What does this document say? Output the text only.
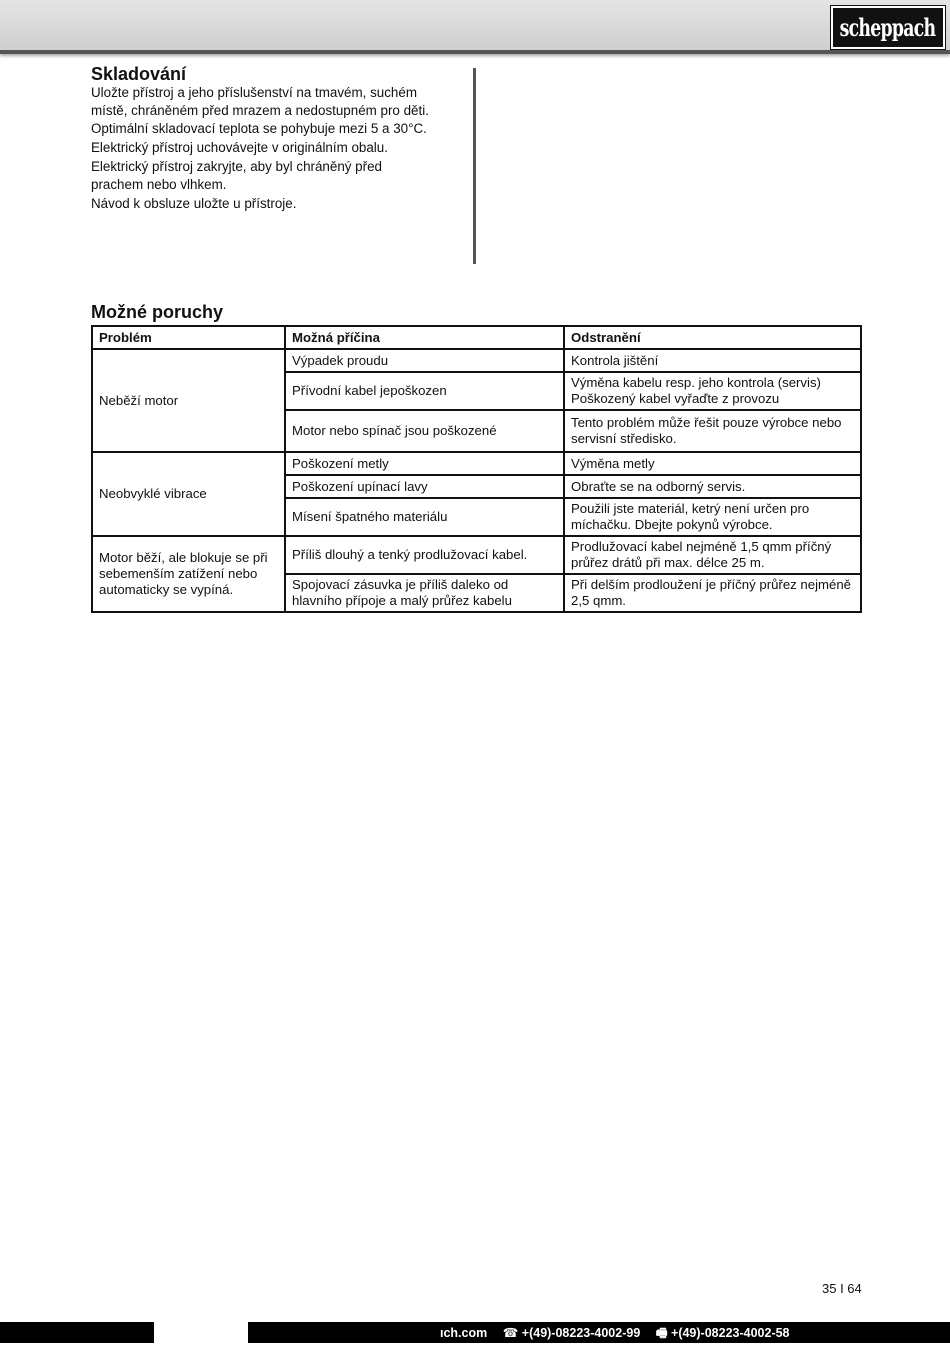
scheppach
Skladování

Uložte přístroj a jeho příslušenství na tmavém, suchém místě, chráněném před mrazem a nedostupném pro děti. Optimální skladovací teplota se pohybuje mezi 5 a 30°C.

Elektrický přístroj uchovávejte v originálním obalu.

Elektrický přístroj zakryjte, aby byl chráněný před prachem nebo vlhkem.

Návod k obsluze uložte u přístroje.

Možné poruchy
Problém	Možná příčina	Odstranění
Neběží motor	Výpadek proudu	Kontrola jištění
	Přívodní kabel jepoškozen	Výměna kabelu resp. jeho kontrola (servis) Poškozený kabel vyřaďte z provozu
	Motor nebo spínač jsou poškozené	Tento problém může řešit pouze výrobce nebo servisní středisko.
Neobvyklé vibrace	Poškození metly	Výměna metly
	Poškození upínací lavy	Obraťte se na odborný servis.
	Mísení špatného materiálu	Použili jste materiál, ketrý není určen pro míchačku. Dbejte pokynů výrobce.
Motor běží, ale blokuje se při sebemenším zatížení nebo automaticky se vypíná.	Příliš dlouhý a tenký prodlužovací kabel.	Prodlužovací kabel nejméně 1,5 qmm příčný průřez drátů při max. délce 25 m.
	Spojovací zásuvka je příliš daleko od hlavního přípoje a malý průřez kabelu	Při delším prodloužení je příčný průřez nejméně 2,5 qmm.
35 I 64
ıch.com ☎ +(49)-08223-4002-99 🖷 +(49)-08223-4002-58
